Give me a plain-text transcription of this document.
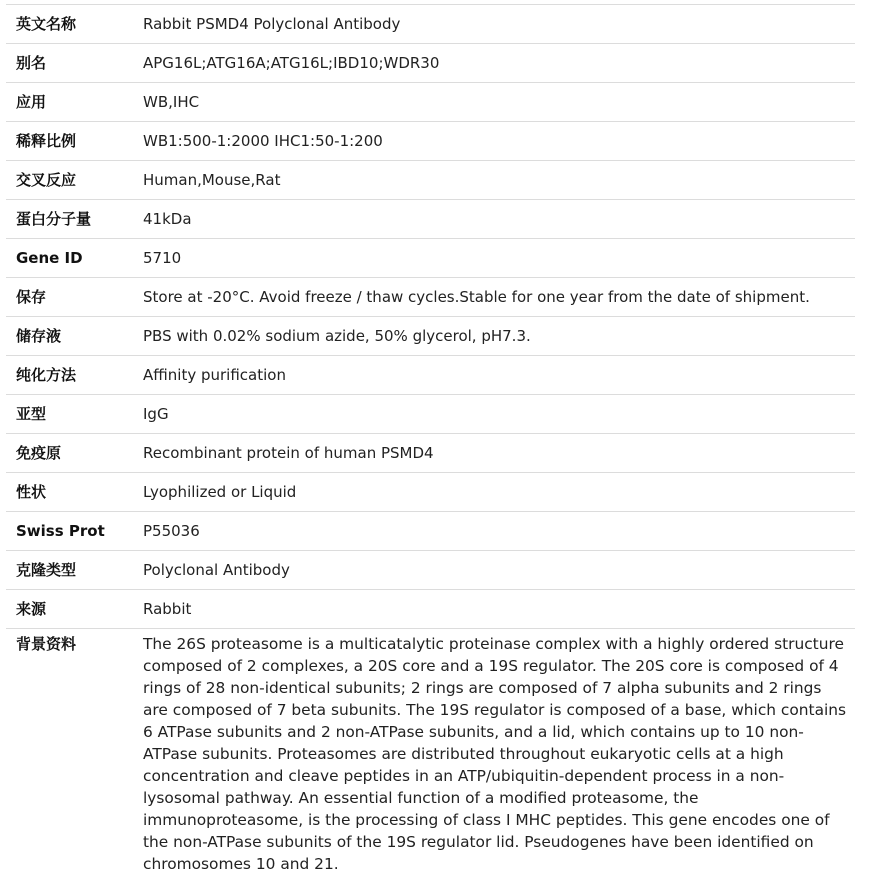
英文名称	Rabbit PSMD4 Polyclonal Antibody
别名	APG16L;ATG16A;ATG16L;IBD10;WDR30
应用	WB,IHC
稀释比例	WB1:500-1:2000 IHC1:50-1:200
交叉反应	Human,Mouse,Rat
蛋白分子量	41kDa
Gene ID	5710
保存	Store at -20°C. Avoid freeze / thaw cycles.Stable for one year from the date of shipment.
储存液	PBS with 0.02% sodium azide, 50% glycerol, pH7.3.
纯化方法	Affinity purification
亚型	IgG
免疫原	Recombinant protein of human PSMD4
性状	Lyophilized or Liquid
Swiss Prot	P55036
克隆类型	Polyclonal Antibody
来源	Rabbit
背景资料	The 26S proteasome is a multicatalytic proteinase complex with a highly ordered structure composed of 2 complexes, a 20S core and a 19S regulator. The 20S core is composed of 4 rings of 28 non-identical subunits; 2 rings are composed of 7 alpha subunits and 2 rings are composed of 7 beta subunits. The 19S regulator is composed of a base, which contains 6 ATPase subunits and 2 non-ATPase subunits, and a lid, which contains up to 10 non-ATPase subunits. Proteasomes are distributed throughout eukaryotic cells at a high concentration and cleave peptides in an ATP/ubiquitin-dependent process in a non-lysosomal pathway. An essential function of a modified proteasome, the immunoproteasome, is the processing of class I MHC peptides. This gene encodes one of the non-ATPase subunits of the 19S regulator lid. Pseudogenes have been identified on chromosomes 10 and 21.
